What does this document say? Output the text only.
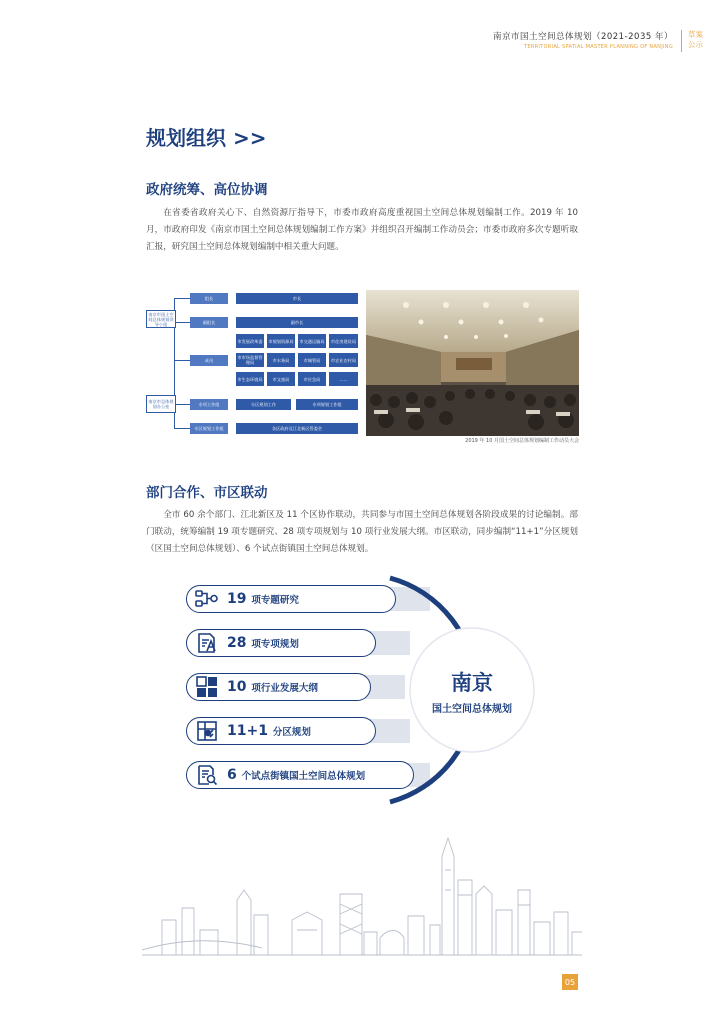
南京市国土空间总体规划（2021-2035 年）
TERRITORIAL SPATIAL MASTER PLANNING OF NANJING
草案公示
规划组织 >>
政府统筹、高位协调
在省委省政府关心下、自然资源厅指导下，市委市政府高度重视国土空间总体规划编制工作。2019 年 10 月，市政府印发《南京市国土空间总体规划编制工作方案》并组织召开编制工作动员会；市委市政府多次专题听取汇报，研究国土空间总体规划编制中相关重大问题。
南京市国土空间总体规划领导小组
南京市总体规划办公室
组长
副组长
成员
专项工作组
专区规划工作组
市长
副市长
市发展改革委	市规划资源局	市交通运输局	市住房建设局
市市场监督管理局	市水务局	市城管局	市农业农村局
市生态环境局	市文旅局	市应急局	……
分区规划工作	专项规划工作组
各区政府及江北新区管委会
2019 年 10 月国土空间总体规划编制工作动员大会
部门合作、市区联动
全市 60 余个部门、江北新区及 11 个区协作联动，共同参与市国土空间总体规划各阶段成果的讨论编制。部门联动，统筹编制 19 项专题研究、28 项专项规划与 10 项行业发展大纲。市区联动，同步编制“11+1”分区规划（区国土空间总体规划）、6 个试点街镇国土空间总体规划。
南京
国土空间总体规划
19 项专题研究
28 项专项规划
10 项行业发展大纲
11+1 分区规划
6 个试点街镇国土空间总体规划
05
